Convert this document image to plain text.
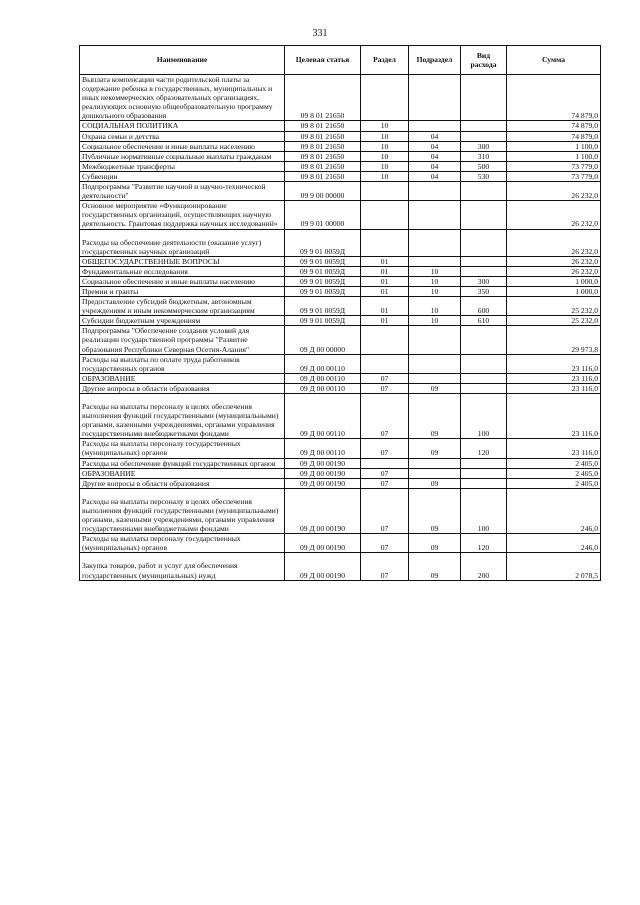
331
Наименование	Целевая статья	Раздел	Подраздел	Вид расхода	Сумма
Выплата компенсации части родительской платы за содержание ребенка в государственных, муниципальных и иных некоммерческих образовательных организациях, реализующих основную общеобразовательную программу дошкольного образования	09 8 01 21650				74 879,0
СОЦИАЛЬНАЯ ПОЛИТИКА	09 8 01 21650	10			74 879,0
Охрана семьи и детства	09 8 01 21650	10	04		74 879,0
Социальное обеспечение и иные выплаты населению	09 8 01 21650	10	04	300	1 100,0
Публичные нормативные социальные выплаты гражданам	09 8 01 21650	10	04	310	1 100,0
Межбюджетные трансферты	09 8 01 21650	10	04	500	73 779,0
Субвенции	09 8 01 21650	10	04	530	73 779,0
Подпрограмма "Развитие научной и научно-технической деятельности"	09 9 00 00000				26 232,0
Основное мероприятие «Функционирование государственных организаций, осуществляющих научную деятельность. Грантовая поддержка научных исследований»	09 9 01 00000				26 232,0
Расходы на обеспечение деятельности (оказание услуг) государственных научных организаций	09 9 01 0059Д				26 232,0
ОБЩЕГОСУДАРСТВЕННЫЕ ВОПРОСЫ	09 9 01 0059Д	01			26 232,0
Фундаментальные исследования	09 9 01 0059Д	01	10		26 232,0
Социальное обеспечение и иные выплаты населению	09 9 01 0059Д	01	10	300	1 000,0
Премии и гранты	09 9 01 0059Д	01	10	350	1 000,0
Предоставление субсидий бюджетным, автономным учреждениям и иным некоммерческим организациям	09 9 01 0059Д	01	10	600	25 232,0
Субсидии бюджетным учреждениям	09 9 01 0059Д	01	10	610	25 232,0
Подпрограмма "Обеспечение создания условий для реализации государственной программы "Развитие образования Республики Северная Осетия-Алания"	09 Д 00 00000				29 973,8
Расходы на выплаты по оплате труда работников государственных органов	09 Д 00 00110				23 116,0
ОБРАЗОВАНИЕ	09 Д 00 00110	07			23 116,0
Другие вопросы в области образования	09 Д 00 00110	07	09		23 116,0
Расходы на выплаты персоналу в целях обеспечения выполнения функций государственными (муниципальными) органами, казенными учреждениями, органами управления государственными внебюджетными фондами	09 Д 00 00110	07	09	100	23 116,0
Расходы на выплаты персоналу государственных (муниципальных) органов	09 Д 00 00110	07	09	120	23 116,0
Расходы на обеспечение функций государственных органов	09 Д 00 00190				2 405,0
ОБРАЗОВАНИЕ	09 Д 00 00190	07			2 405,0
Другие вопросы в области образования	09 Д 00 00190	07	09		2 405,0
Расходы на выплаты персоналу в целях обеспечения выполнения функций государственными (муниципальными) органами, казенными учреждениями, органами управления государственными внебюджетными фондами	09 Д 00 00190	07	09	100	246,0
Расходы на выплаты персоналу государственных (муниципальных) органов	09 Д 00 00190	07	09	120	246,0
Закупка товаров, работ и услуг для обеспечения государственных (муниципальных) нужд	09 Д 00 00190	07	09	200	2 078,5
